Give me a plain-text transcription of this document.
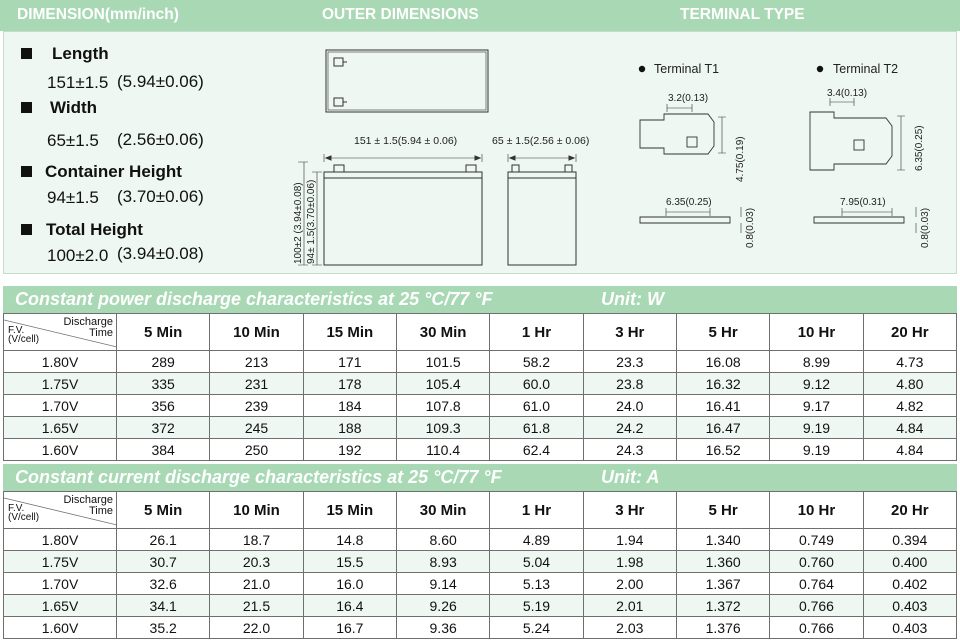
DIMENSION(mm/inch)	OUTER DIMENSIONS	TERMINAL TYPE
Length
151±1.5 (5.94±0.06)
Width
65±1.5 (2.56±0.06)
Container Height
94±1.5 (3.70±0.06)
Total Height
100±2.0 (3.94±0.08)
151 ± 1.5(5.94 ± 0.06)	65 ± 1.5(2.56 ± 0.06)
100±2 (3.94±0.08) 94± 1.5(3.70±0.06)
Terminal T1
3.2(0.13)
4.75(0.19)
6.35(0.25)
0.8(0.03)
Terminal T2
3.4(0.13)
6.35(0.25)
7.95(0.31)
0.8(0.03)
Constant power discharge characteristics at 25 °C/77 °F	Unit: W
Discharge
Time
F.V.
(V/cell)	5 Min	10 Min	15 Min	30 Min	1 Hr	3 Hr	5 Hr	10 Hr	20 Hr
1.80V	289	213	171	101.5	58.2	23.3	16.08	8.99	4.73
1.75V	335	231	178	105.4	60.0	23.8	16.32	9.12	4.80
1.70V	356	239	184	107.8	61.0	24.0	16.41	9.17	4.82
1.65V	372	245	188	109.3	61.8	24.2	16.47	9.19	4.84
1.60V	384	250	192	110.4	62.4	24.3	16.52	9.19	4.84
Constant current discharge characteristics at 25 °C/77 °F	Unit: A
Discharge
Time
F.V.
(V/cell)	5 Min	10 Min	15 Min	30 Min	1 Hr	3 Hr	5 Hr	10 Hr	20 Hr
1.80V	26.1	18.7	14.8	8.60	4.89	1.94	1.340	0.749	0.394
1.75V	30.7	20.3	15.5	8.93	5.04	1.98	1.360	0.760	0.400
1.70V	32.6	21.0	16.0	9.14	5.13	2.00	1.367	0.764	0.402
1.65V	34.1	21.5	16.4	9.26	5.19	2.01	1.372	0.766	0.403
1.60V	35.2	22.0	16.7	9.36	5.24	2.03	1.376	0.766	0.403
